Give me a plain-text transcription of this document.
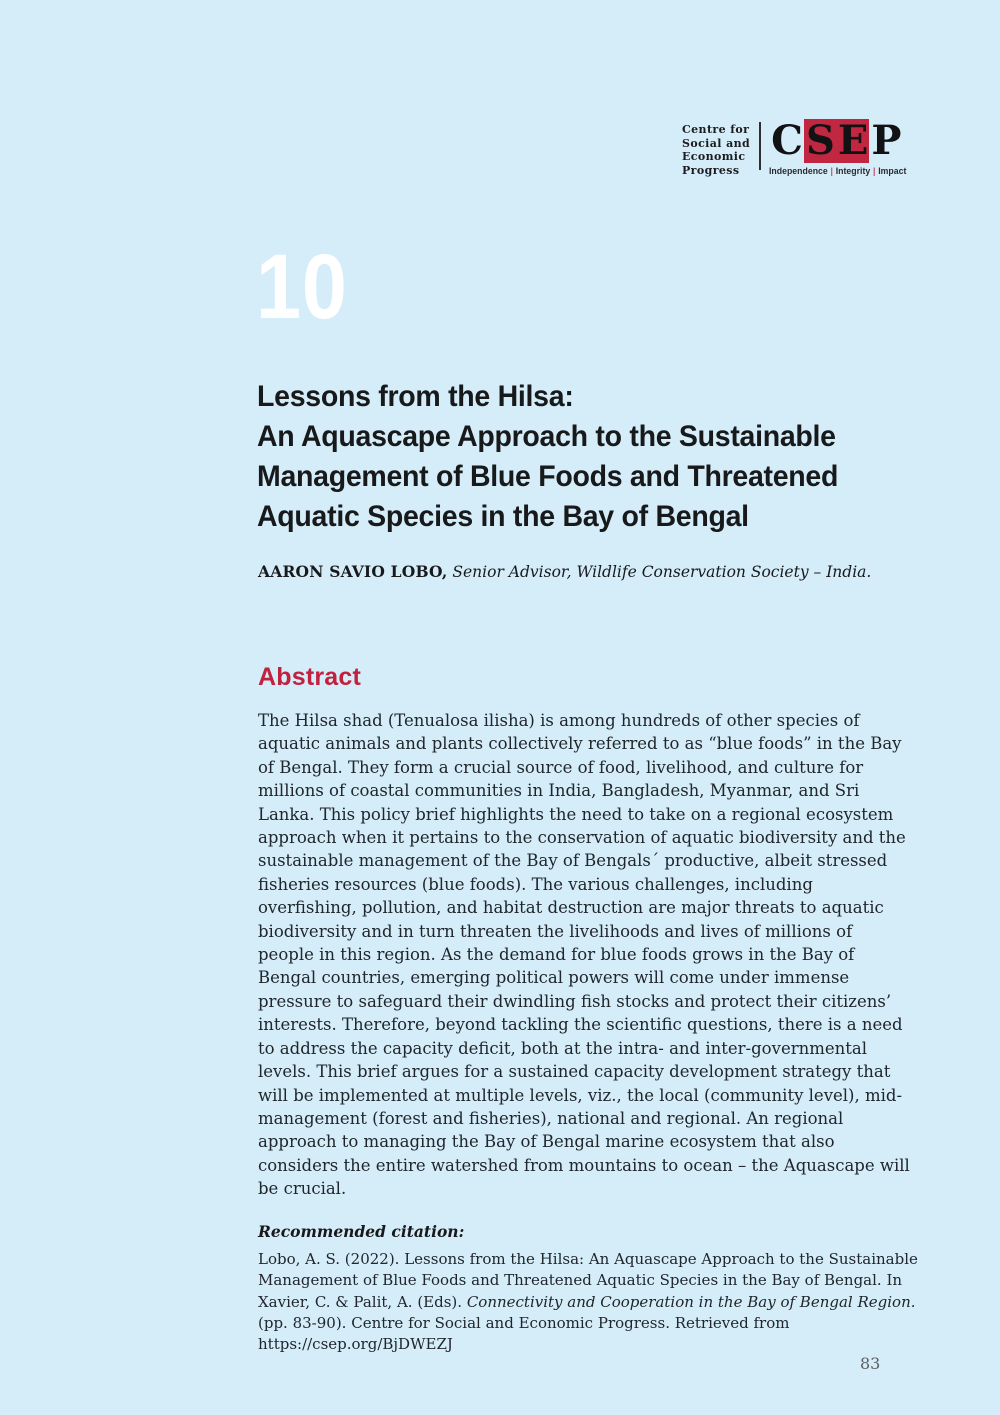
Centre for
Social and
Economic
Progress
C S E P
Independence | Integrity | Impact
10
Lessons from the Hilsa:
An Aquascape Approach to the Sustainable
Management of Blue Foods and Threatened
Aquatic Species in the Bay of Bengal
AARON SAVIO LOBO, Senior Advisor, Wildlife Conservation Society – India.
Abstract
The Hilsa shad (Tenualosa ilisha) is among hundreds of other species of aquatic animals and plants collectively referred to as “blue foods” in the Bay of Bengal. They form a crucial source of food, livelihood, and culture for millions of coastal communities in India, Bangladesh, Myanmar, and Sri Lanka. This policy brief highlights the need to take on a regional ecosystem approach when it pertains to the conservation of aquatic biodiversity and the sustainable management of the Bay of Bengals´ productive, albeit stressed fisheries resources (blue foods). The various challenges, including overfishing, pollution, and habitat destruction are major threats to aquatic biodiversity and in turn threaten the livelihoods and lives of millions of people in this region. As the demand for blue foods grows in the Bay of Bengal countries, emerging political powers will come under immense pressure to safeguard their dwindling fish stocks and protect their citizens’ interests. Therefore, beyond tackling the scientific questions, there is a need to address the capacity deficit, both at the intra- and inter-governmental levels. This brief argues for a sustained capacity development strategy that will be implemented at multiple levels, viz., the local (community level), mid-management (forest and fisheries), national and regional. An regional approach to managing the Bay of Bengal marine ecosystem that also considers the entire watershed from mountains to ocean – the Aquascape will be crucial.
Recommended citation:
Lobo, A. S. (2022). Lessons from the Hilsa: An Aquascape Approach to the Sustainable Management of Blue Foods and Threatened Aquatic Species in the Bay of Bengal. In Xavier, C. & Palit, A. (Eds). Connectivity and Cooperation in the Bay of Bengal Region. (pp. 83-90). Centre for Social and Economic Progress. Retrieved from https://csep.org/BjDWEZJ
83
